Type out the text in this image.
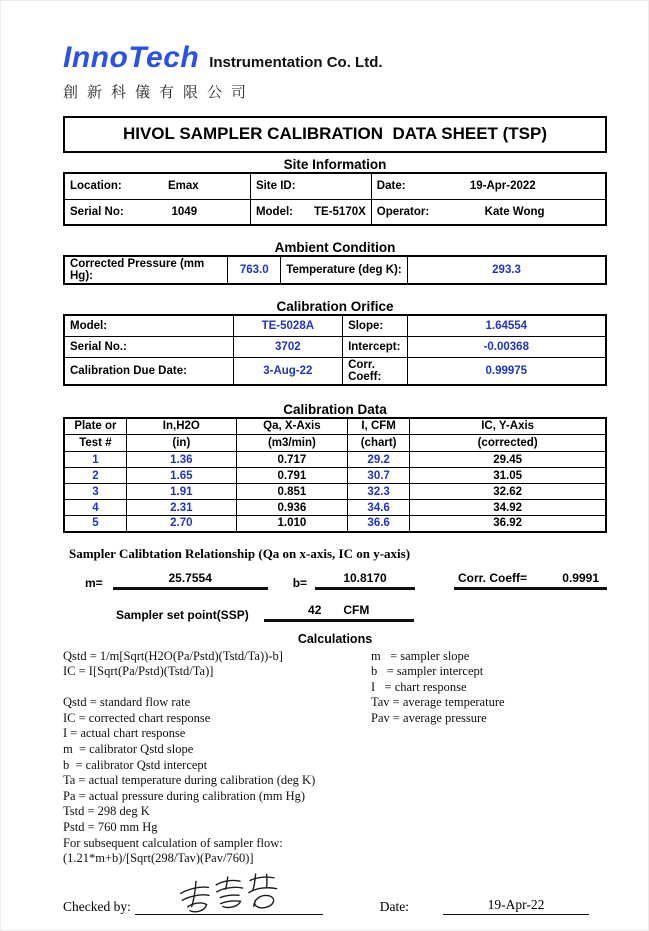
InnoTech Instrumentation Co. Ltd.
創新科儀有限公司
HIVOL SAMPLER CALIBRATION  DATA SHEET (TSP)
Site Information
Location: Emax	Site ID:	Date: 19-Apr-2022

Serial No: 1049	Model: TE-5170X	Operator: Kate Wong
Ambient Condition
Corrected Pressure (mm Hg):	763.0	Temperature (deg K):	293.3
Calibration Orifice
Model:	TE-5028A	Slope:	1.64554
Serial No.:	3702	Intercept:	-0.00368
Calibration Due Date:	3-Aug-22	Corr. Coeff:	0.99975
Calibration Data
Plate or	In,H2O	Qa, X-Axis	I, CFM	IC, Y-Axis
Test #	(in)	(m3/min)	(chart)	(corrected)
1	1.36	0.717	29.2	29.45
2	1.65	0.791	30.7	31.05
3	1.91	0.851	32.3	32.62
4	2.31	0.936	34.6	34.92
5	2.70	1.010	36.6	36.92
Sampler Calibtation Relationship (Qa on x-axis, IC on y-axis)
m=	25.7554	b=	10.8170	Corr. Coeff=	0.9991
Sampler set point(SSP)	42 CFM
Calculations
Qstd = 1/m[Sqrt(H2O(Pa/Pstd)(Tstd/Ta))-b]
IC = I[Sqrt(Pa/Pstd)(Tstd/Ta)]
Qstd = standard flow rate
IC = corrected chart response
I = actual chart response
m  = calibrator Qstd slope
b  = calibrator Qstd intercept
Ta = actual temperature during calibration (deg K)
Pa = actual pressure during calibration (mm Hg)
Tstd = 298 deg K
Pstd = 760 mm Hg
For subsequent calculation of sampler flow:
(1.21*m+b)/[Sqrt(298/Tav)(Pav/760)]
m   = sampler slope
b   = sampler intercept
I   = chart response
Tav = average temperature
Pav = average pressure
Checked by:	Date:	19-Apr-22
